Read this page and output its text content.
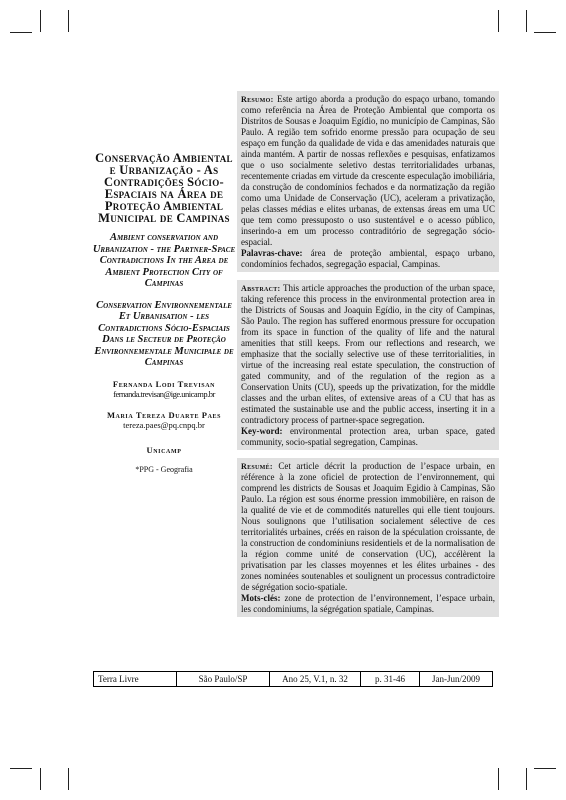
Conservação Ambiental e Urbanização - As Contradições Sócio-Espaciais na Área de Proteção Ambiental Municipal de Campinas
Ambient conservation and Urbanization - the Partner-Space Contradictions In the Area de Ambient Protection City of Campinas
Conservation Environnementale Et Urbanisation - les Contradictions Sócio-Espaciais Dans le Secteur de Proteção Environnementale Municipale de Campinas
Fernanda Lodi Trevisan
fernanda.trevisan@ige.unicamp.br
Maria Tereza Duarte Paes
tereza.paes@pq.cnpq.br
Unicamp
*PPG - Geografia

Resumo: Este artigo aborda a produção do espaço urbano, tomando como referência na Área de Proteção Ambiental que comporta os Distritos de Sousas e Joaquim Egídio, no município de Campinas, São Paulo. A região tem sofrido enorme pressão para ocupação de seu espaço em função da qualidade de vida e das amenidades naturais que ainda mantém. A partir de nossas reflexões e pesquisas, enfatizamos que o uso socialmente seletivo destas territorialidades urbanas, recentemente criadas em virtude da crescente especulação imobiliária, da construção de condomínios fechados e da normatização da região como uma Unidade de Conservação (UC), aceleram a privatização, pelas classes médias e elites urbanas, de extensas áreas em uma UC que tem como pressuposto o uso sustentável e o acesso público, inserindo-a em um processo contraditório de segregação sócio-espacial.

Palavras-chave: área de proteção ambiental, espaço urbano, condomínios fechados, segregação espacial, Campinas.

Abstract: This article approaches the production of the urban space, taking reference this process in the environmental protection area in the Districts of Sousas and Joaquin Egídio, in the city of Campinas, São Paulo. The region has suffered enormous pressure for occupation from its space in function of the quality of life and the natural amenities that still keeps. From our reflections and research, we emphasize that the socially selective use of these territorialities, in virtue of the increasing real estate speculation, the construction of gated community, and of the regulation of the region as a Conservation Units (CU), speeds up the privatization, for the middle classes and the urban elites, of extensive areas of a CU that has as estimated the sustainable use and the public access, inserting it in a contradictory process of partner-space segregation.

Key-word: environmental protection area, urban space, gated community, socio-spatial segregation, Campinas.

Resumé: Cet article décrit la production de l’espace urbain, en référence à la zone oficiel de protection de l’environnement, qui comprend les districts de Sousas et Joaquim Egidio à Campinas, São Paulo. La région est sous énorme pression immobilière, en raison de la qualité de vie et de commodités naturelles qui elle tient toujours. Nous soulignons que l’utilisation socialement sélective de ces territorialités urbaines, créés en raison de la spéculation croissante, de la construction de condominiuns residentiels et de la normalisation de la région comme unité de conservation (UC), accélèrent la privatisation par les classes moyennes et les élites urbaines - des zones nominées soutenables et soulignent un processus contradictoire de ségrégation socio-spatiale.

Mots-clés: zone de protection de l’environnement, l’espace urbain, les condominiums, la ségrégation spatiale, Campinas.

Terra Livre	São Paulo/SP	Ano 25, V.1, n. 32	p. 31-46	Jan-Jun/2009
